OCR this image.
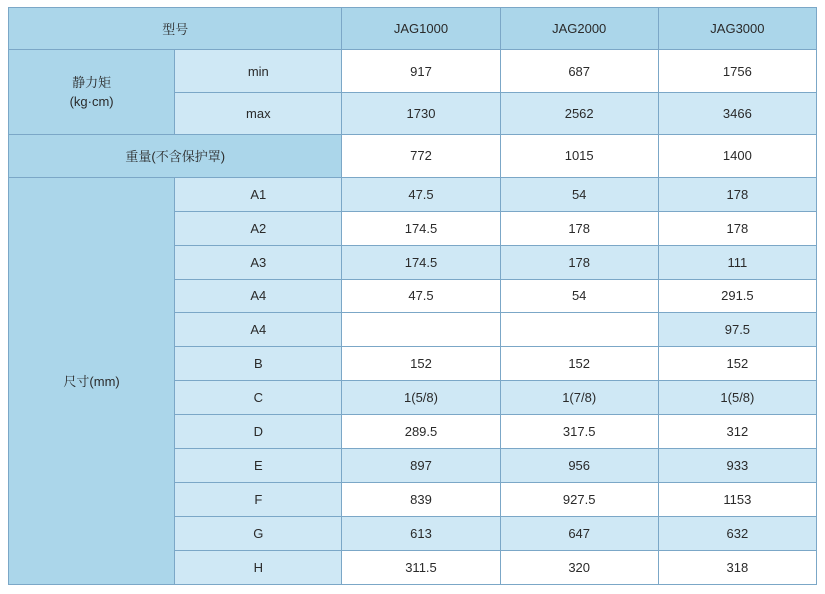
型号		JAG1000	JAG2000	JAG3000

静力矩
(kg·cm)	min	917	687	1756
	max	1730	2562	3466
重量(不含保护罩)		772	1015	1400
尺寸(mm)	A1	47.5	54	178
	A2	174.5	178	178
	A3	174.5	178	111
	A4	47.5	54	291.5
	A4			97.5
	B	152	152	152
	C	1(5/8)	1(7/8)	1(5/8)
	D	289.5	317.5	312
	E	897	956	933
	F	839	927.5	1153
	G	613	647	632
	H	311.5	320	318
